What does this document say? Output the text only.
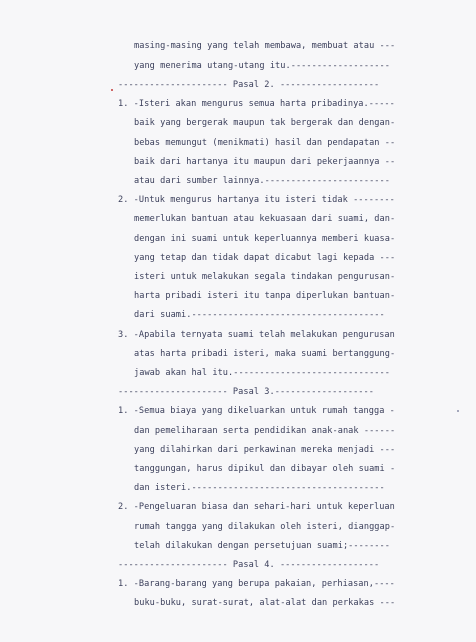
masing-masing yang telah membawa, membuat atau ---
yang menerima utang-utang itu.-------------------
--------------------- Pasal 2. -------------------
1. -Isteri akan mengurus semua harta pribadinya.-----
baik yang bergerak maupun tak bergerak dan dengan-
bebas memungut (menikmati) hasil dan pendapatan --
baik dari hartanya itu maupun dari pekerjaannya --
atau dari sumber lainnya.------------------------
2. -Untuk mengurus hartanya itu isteri tidak --------
memerlukan bantuan atau kekuasaan dari suami, dan-
dengan ini suami untuk keperluannya memberi kuasa-
yang tetap dan tidak dapat dicabut lagi kepada ---
isteri untuk melakukan segala tindakan pengurusan-
harta pribadi isteri itu tanpa diperlukan bantuan-
dari suami.-------------------------------------
3. -Apabila ternyata suami telah melakukan pengurusan
atas harta pribadi isteri, maka suami bertanggung-
jawab akan hal itu.------------------------------
--------------------- Pasal 3.-------------------
1. -Semua biaya yang dikeluarkan untuk rumah tangga -
dan pemeliharaan serta pendidikan anak-anak ------
yang dilahirkan dari perkawinan mereka menjadi ---
tanggungan, harus dipikul dan dibayar oleh suami -
dan isteri.-------------------------------------
2. -Pengeluaran biasa dan sehari-hari untuk keperluan
rumah tangga yang dilakukan oleh isteri, dianggap-
telah dilakukan dengan persetujuan suami;--------
--------------------- Pasal 4. -------------------
1. -Barang-barang yang berupa pakaian, perhiasan,----
buku-buku, surat-surat, alat-alat dan perkakas ---
